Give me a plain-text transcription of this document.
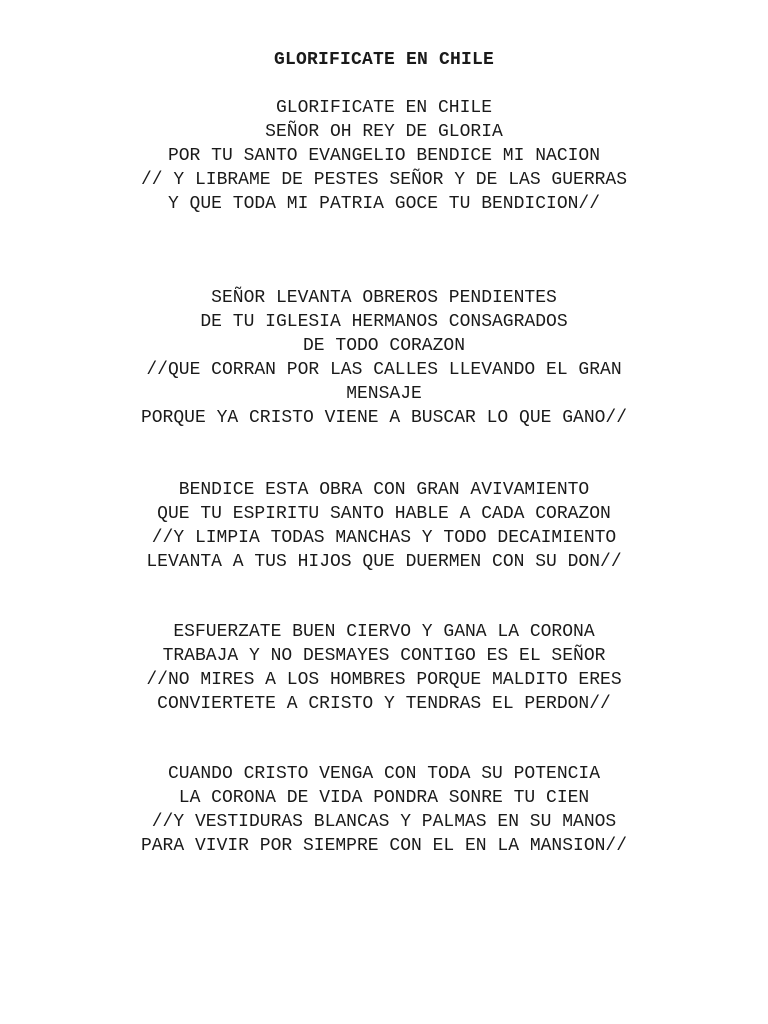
GLORIFICATE EN CHILE
GLORIFICATE EN CHILE
SEÑOR OH REY DE GLORIA
POR TU SANTO EVANGELIO BENDICE MI NACION
// Y LIBRAME DE PESTES SEÑOR Y DE LAS GUERRAS
Y QUE TODA MI PATRIA GOCE TU BENDICION//
SEÑOR LEVANTA OBREROS PENDIENTES
DE TU IGLESIA HERMANOS CONSAGRADOS
DE TODO CORAZON
//QUE CORRAN POR LAS CALLES LLEVANDO EL GRAN
MENSAJE
PORQUE YA CRISTO VIENE A BUSCAR LO QUE GANO//
BENDICE ESTA OBRA CON GRAN AVIVAMIENTO
QUE TU ESPIRITU SANTO HABLE A CADA CORAZON
//Y LIMPIA TODAS MANCHAS Y TODO DECAIMIENTO
LEVANTA A TUS HIJOS QUE DUERMEN CON SU DON//
ESFUERZATE BUEN CIERVO Y GANA LA CORONA
TRABAJA Y NO DESMAYES CONTIGO ES EL SEÑOR
//NO MIRES A LOS HOMBRES PORQUE MALDITO ERES
CONVIERTETE A CRISTO Y TENDRAS EL PERDON//
CUANDO CRISTO VENGA CON TODA SU POTENCIA
LA CORONA DE VIDA PONDRA SONRE TU CIEN
//Y VESTIDURAS BLANCAS Y PALMAS EN SU MANOS
PARA VIVIR POR SIEMPRE CON EL EN LA MANSION//
